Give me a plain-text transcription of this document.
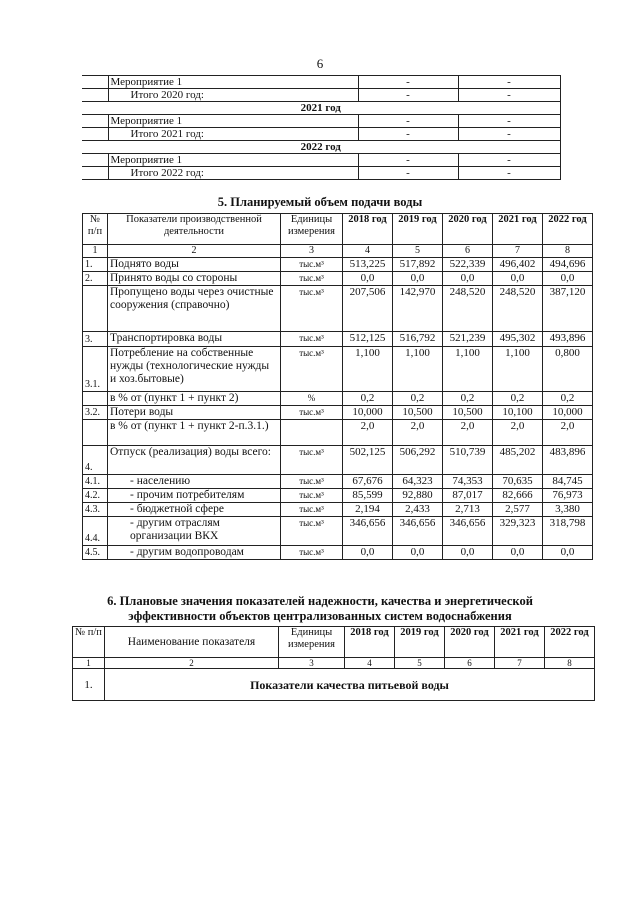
6
	Мероприятие 1	-	-
	Итого 2020 год:	-	-
2021 год			
	Мероприятие 1	-	-
	Итого 2021 год:	-	-
2022 год			
	Мероприятие 1	-	-
	Итого 2022 год:	-	-
5. Планируемый объем подачи воды
№ п/п	Показатели производственной деятельности	Единицы измерения	2018 год	2019 год	2020 год	2021 год	2022 год
1	2	3	4	5	6	7	8
1.	Поднято воды	тыс.м³	513,225	517,892	522,339	496,402	494,696
2.	Принято воды со стороны	тыс.м³	0,0	0,0	0,0	0,0	0,0
	Пропущено воды через очистные сооружения (справочно)	тыс.м³	207,506	142,970	248,520	248,520	387,120
3.	Транспортировка воды	тыс.м³	512,125	516,792	521,239	495,302	493,896
3.1.	Потребление на собственные нужды (технологические нужды и хоз.бытовые)	тыс.м³	1,100	1,100	1,100	1,100	0,800
	в % от (пункт 1 + пункт 2)	%	0,2	0,2	0,2	0,2	0,2
3.2.	Потери воды	тыс.м³	10,000	10,500	10,500	10,100	10,000
	в % от (пункт 1 + пункт 2-п.3.1.)		2,0	2,0	2,0	2,0	2,0
4.	Отпуск (реализация) воды всего:	тыс.м³	502,125	506,292	510,739	485,202	483,896
4.1.	- населению	тыс.м³	67,676	64,323	74,353	70,635	84,745
4.2.	- прочим потребителям	тыс.м³	85,599	92,880	87,017	82,666	76,973
4.3.	- бюджетной сфере	тыс.м³	2,194	2,433	2,713	2,577	3,380
4.4.	- другим отраслям организации ВКХ	тыс.м³	346,656	346,656	346,656	329,323	318,798
4.5.	- другим водопроводам	тыс.м³	0,0	0,0	0,0	0,0	0,0
6. Плановые значения показателей надежности, качества и энергетической
эффективности объектов централизованных систем водоснабжения
№ п/п	Наименование показателя	Единицы измерения	2018 год	2019 год	2020 год	2021 год	2022 год
1	2	3	4	5	6	7	8
1.	Показатели качества питьевой воды						
